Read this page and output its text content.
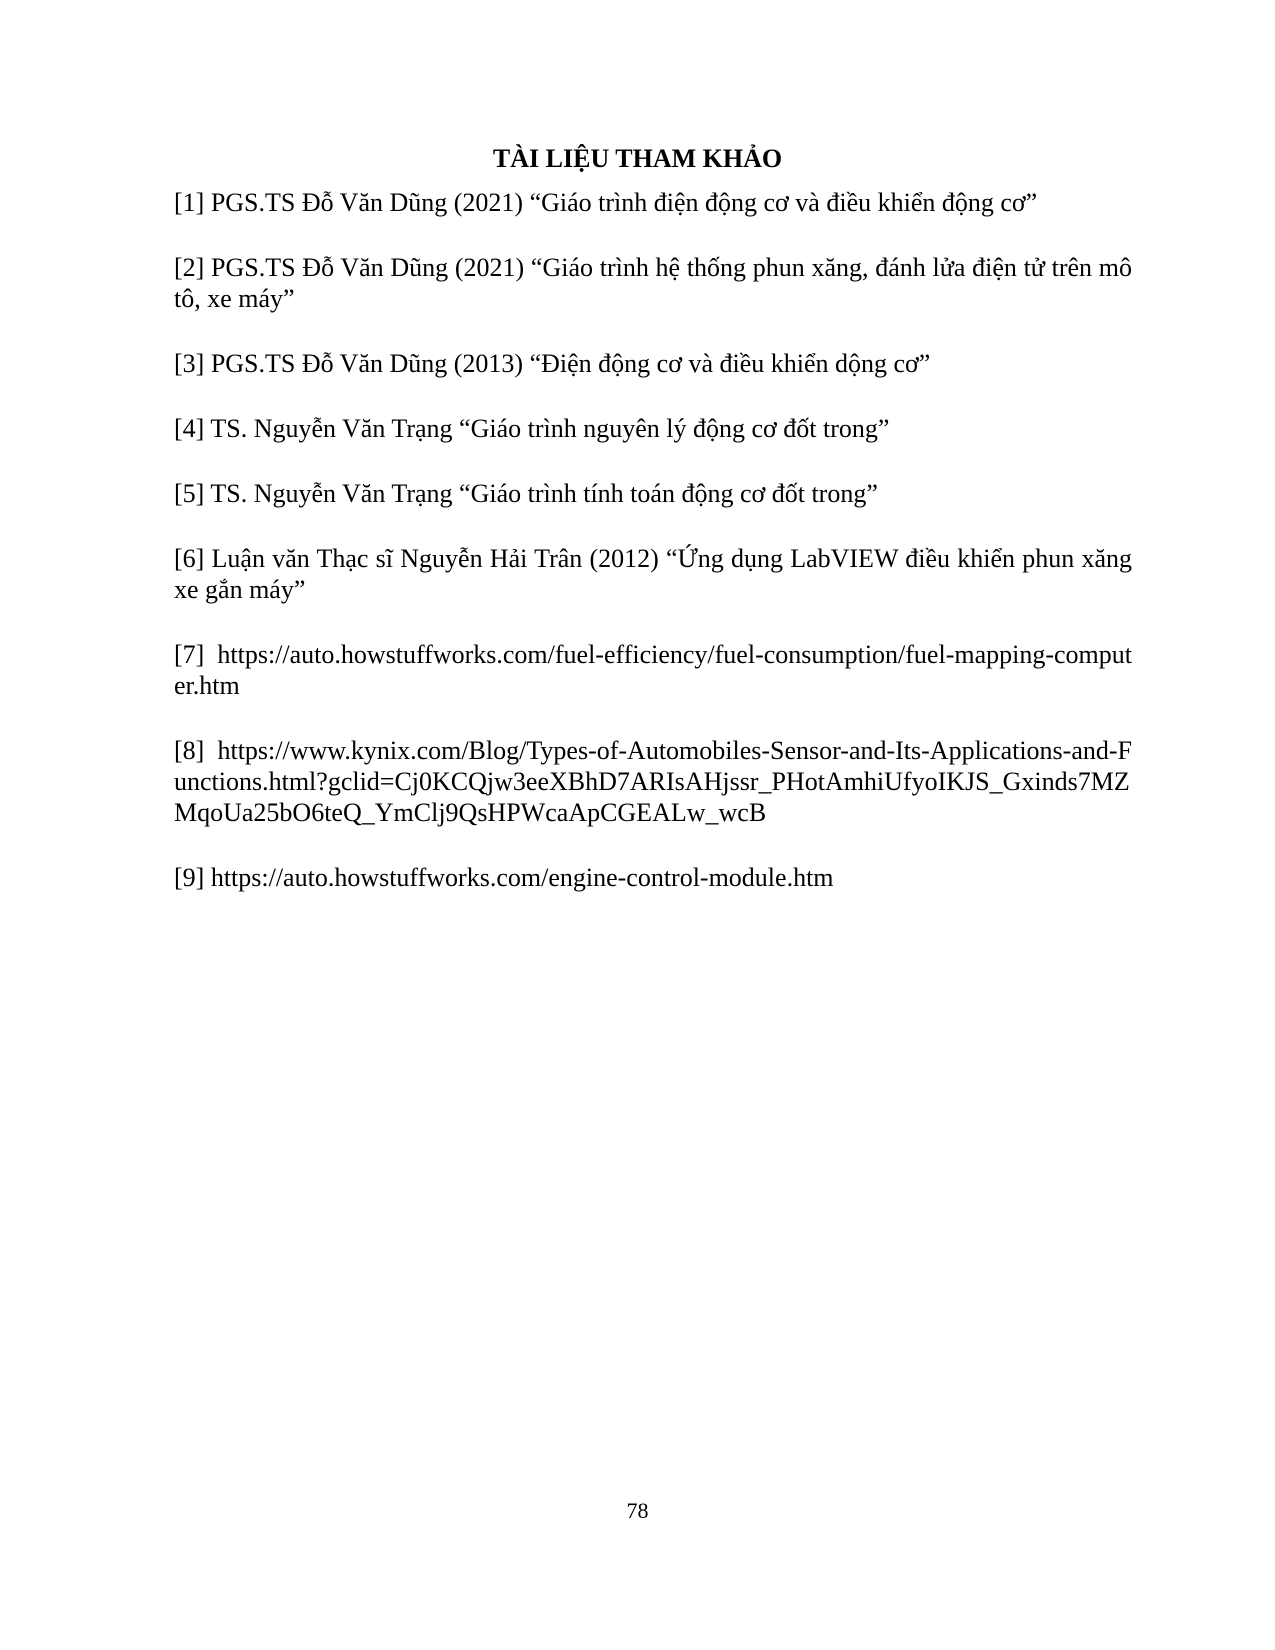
TÀI LIỆU THAM KHẢO
[1] PGS.TS Đỗ Văn Dũng (2021) “Giáo trình điện động cơ và điều khiển động cơ”
[2] PGS.TS Đỗ Văn Dũng (2021) “Giáo trình hệ thống phun xăng, đánh lửa điện tử trên mô tô, xe máy”
[3] PGS.TS Đỗ Văn Dũng (2013) “Điện động cơ và điều khiển dộng cơ”
[4] TS. Nguyễn Văn Trạng “Giáo trình nguyên lý động cơ đốt trong”
[5] TS. Nguyễn Văn Trạng “Giáo trình tính toán động cơ đốt trong”
[6] Luận văn Thạc sĩ Nguyễn Hải Trân (2012) “Ứng dụng LabVIEW điều khiển phun xăng xe gắn máy”
[7] https://auto.howstuffworks.com/fuel-efficiency/fuel-consumption/fuel-mapping-computer.htm
[8] https://www.kynix.com/Blog/Types-of-Automobiles-Sensor-and-Its-Applications-and-Functions.html?gclid=Cj0KCQjw3eeXBhD7ARIsAHjssr_PHotAmhiUfyoIKJS_Gxinds7MZMqoUa25bO6teQ_YmClj9QsHPWcaApCGEALw_wcB
[9] https://auto.howstuffworks.com/engine-control-module.htm
78
